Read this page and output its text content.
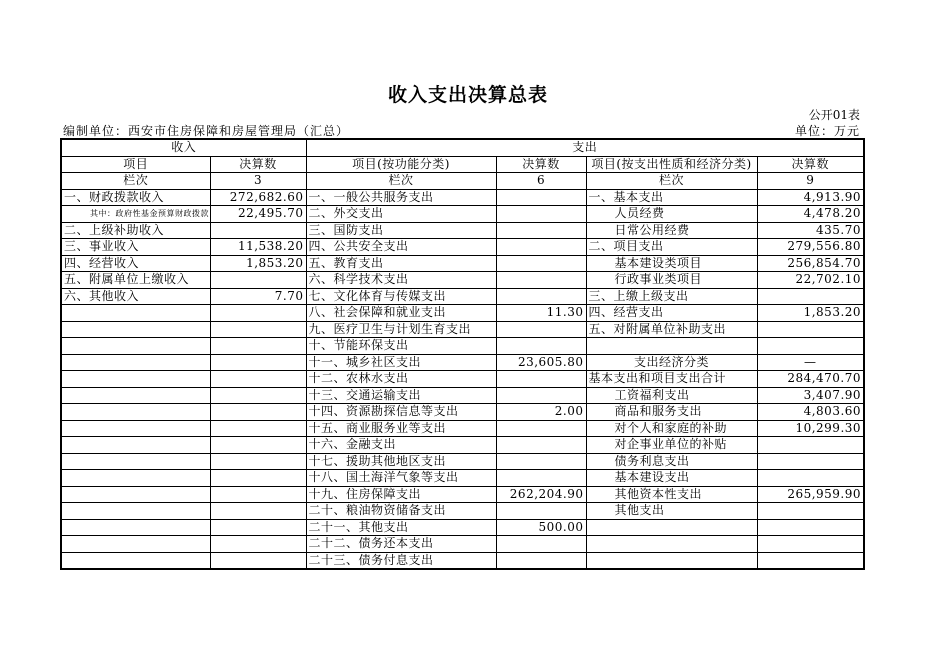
收入支出决算总表
公开01表
编制单位：西安市住房保障和房屋管理局（汇总）	单位：万元
收入		支出			
项目	决算数	项目(按功能分类)	决算数	项目(按支出性质和经济分类)	决算数
栏次	3	栏次	6	栏次	9
一、财政拨款收入	272,682.60	一、一般公共服务支出		一、基本支出	4,913.90
其中：政府性基金预算财政拨款	22,495.70	二、外交支出		人员经费	4,478.20
二、上级补助收入		三、国防支出		日常公用经费	435.70
三、事业收入	11,538.20	四、公共安全支出		二、项目支出	279,556.80
四、经营收入	1,853.20	五、教育支出		基本建设类项目	256,854.70
五、附属单位上缴收入		六、科学技术支出		行政事业类项目	22,702.10
六、其他收入	7.70	七、文化体育与传媒支出		三、上缴上级支出	
		八、社会保障和就业支出	11.30	四、经营支出	1,853.20
		九、医疗卫生与计划生育支出		五、对附属单位补助支出	
		十、节能环保支出			
		十一、城乡社区支出	23,605.80	支出经济分类	—
		十二、农林水支出		基本支出和项目支出合计	284,470.70
		十三、交通运输支出		工资福利支出	3,407.90
		十四、资源勘探信息等支出	2.00	商品和服务支出	4,803.60
		十五、商业服务业等支出		对个人和家庭的补助	10,299.30
		十六、金融支出		对企事业单位的补贴	
		十七、援助其他地区支出		债务利息支出	
		十八、国土海洋气象等支出		基本建设支出	
		十九、住房保障支出	262,204.90	其他资本性支出	265,959.90
		二十、粮油物资储备支出		其他支出	
		二十一、其他支出	500.00		
		二十二、债务还本支出			
		二十三、债务付息支出			
